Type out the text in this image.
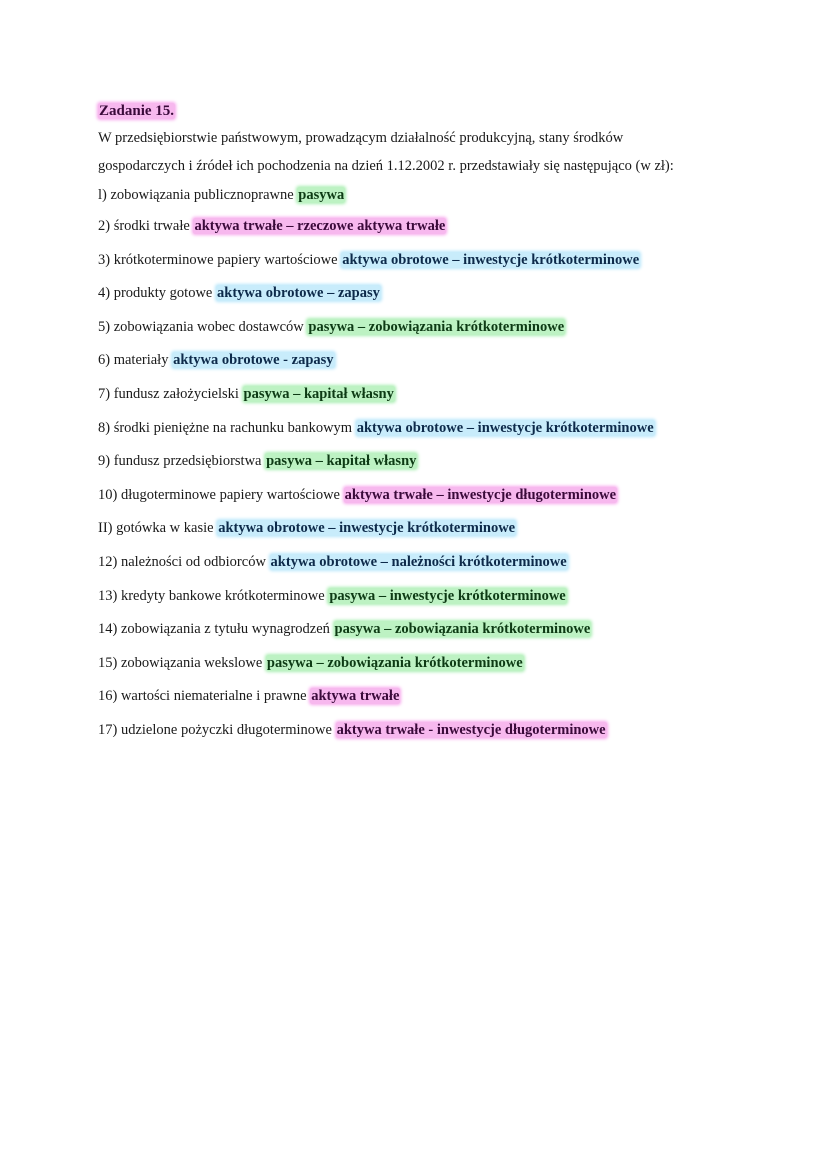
Zadanie 15.

W przedsiębiorstwie państwowym, prowadzącym działalność produkcyjną, stany środków
gospodarczych i źródeł ich pochodzenia na dzień 1.12.2002 r. przedstawiały się następująco (w zł):

l) zobowiązania publicznoprawne pasywa
2) środki trwałe aktywa trwałe – rzeczowe aktywa trwałe
3) krótkoterminowe papiery wartościowe aktywa obrotowe – inwestycje krótkoterminowe
4) produkty gotowe aktywa obrotowe – zapasy
5) zobowiązania wobec dostawców pasywa – zobowiązania krótkoterminowe
6) materiały aktywa obrotowe - zapasy
7) fundusz założycielski pasywa – kapitał własny
8) środki pieniężne na rachunku bankowym aktywa obrotowe – inwestycje krótkoterminowe
9) fundusz przedsiębiorstwa pasywa – kapitał własny
10) długoterminowe papiery wartościowe aktywa trwałe – inwestycje długoterminowe
II) gotówka w kasie aktywa obrotowe – inwestycje krótkoterminowe
12) należności od odbiorców aktywa obrotowe – należności krótkoterminowe
13) kredyty bankowe krótkoterminowe pasywa – inwestycje krótkoterminowe
14) zobowiązania z tytułu wynagrodzeń pasywa – zobowiązania krótkoterminowe
15) zobowiązania wekslowe pasywa – zobowiązania krótkoterminowe
16) wartości niematerialne i prawne aktywa trwałe
17) udzielone pożyczki długoterminowe aktywa trwałe - inwestycje długoterminowe
